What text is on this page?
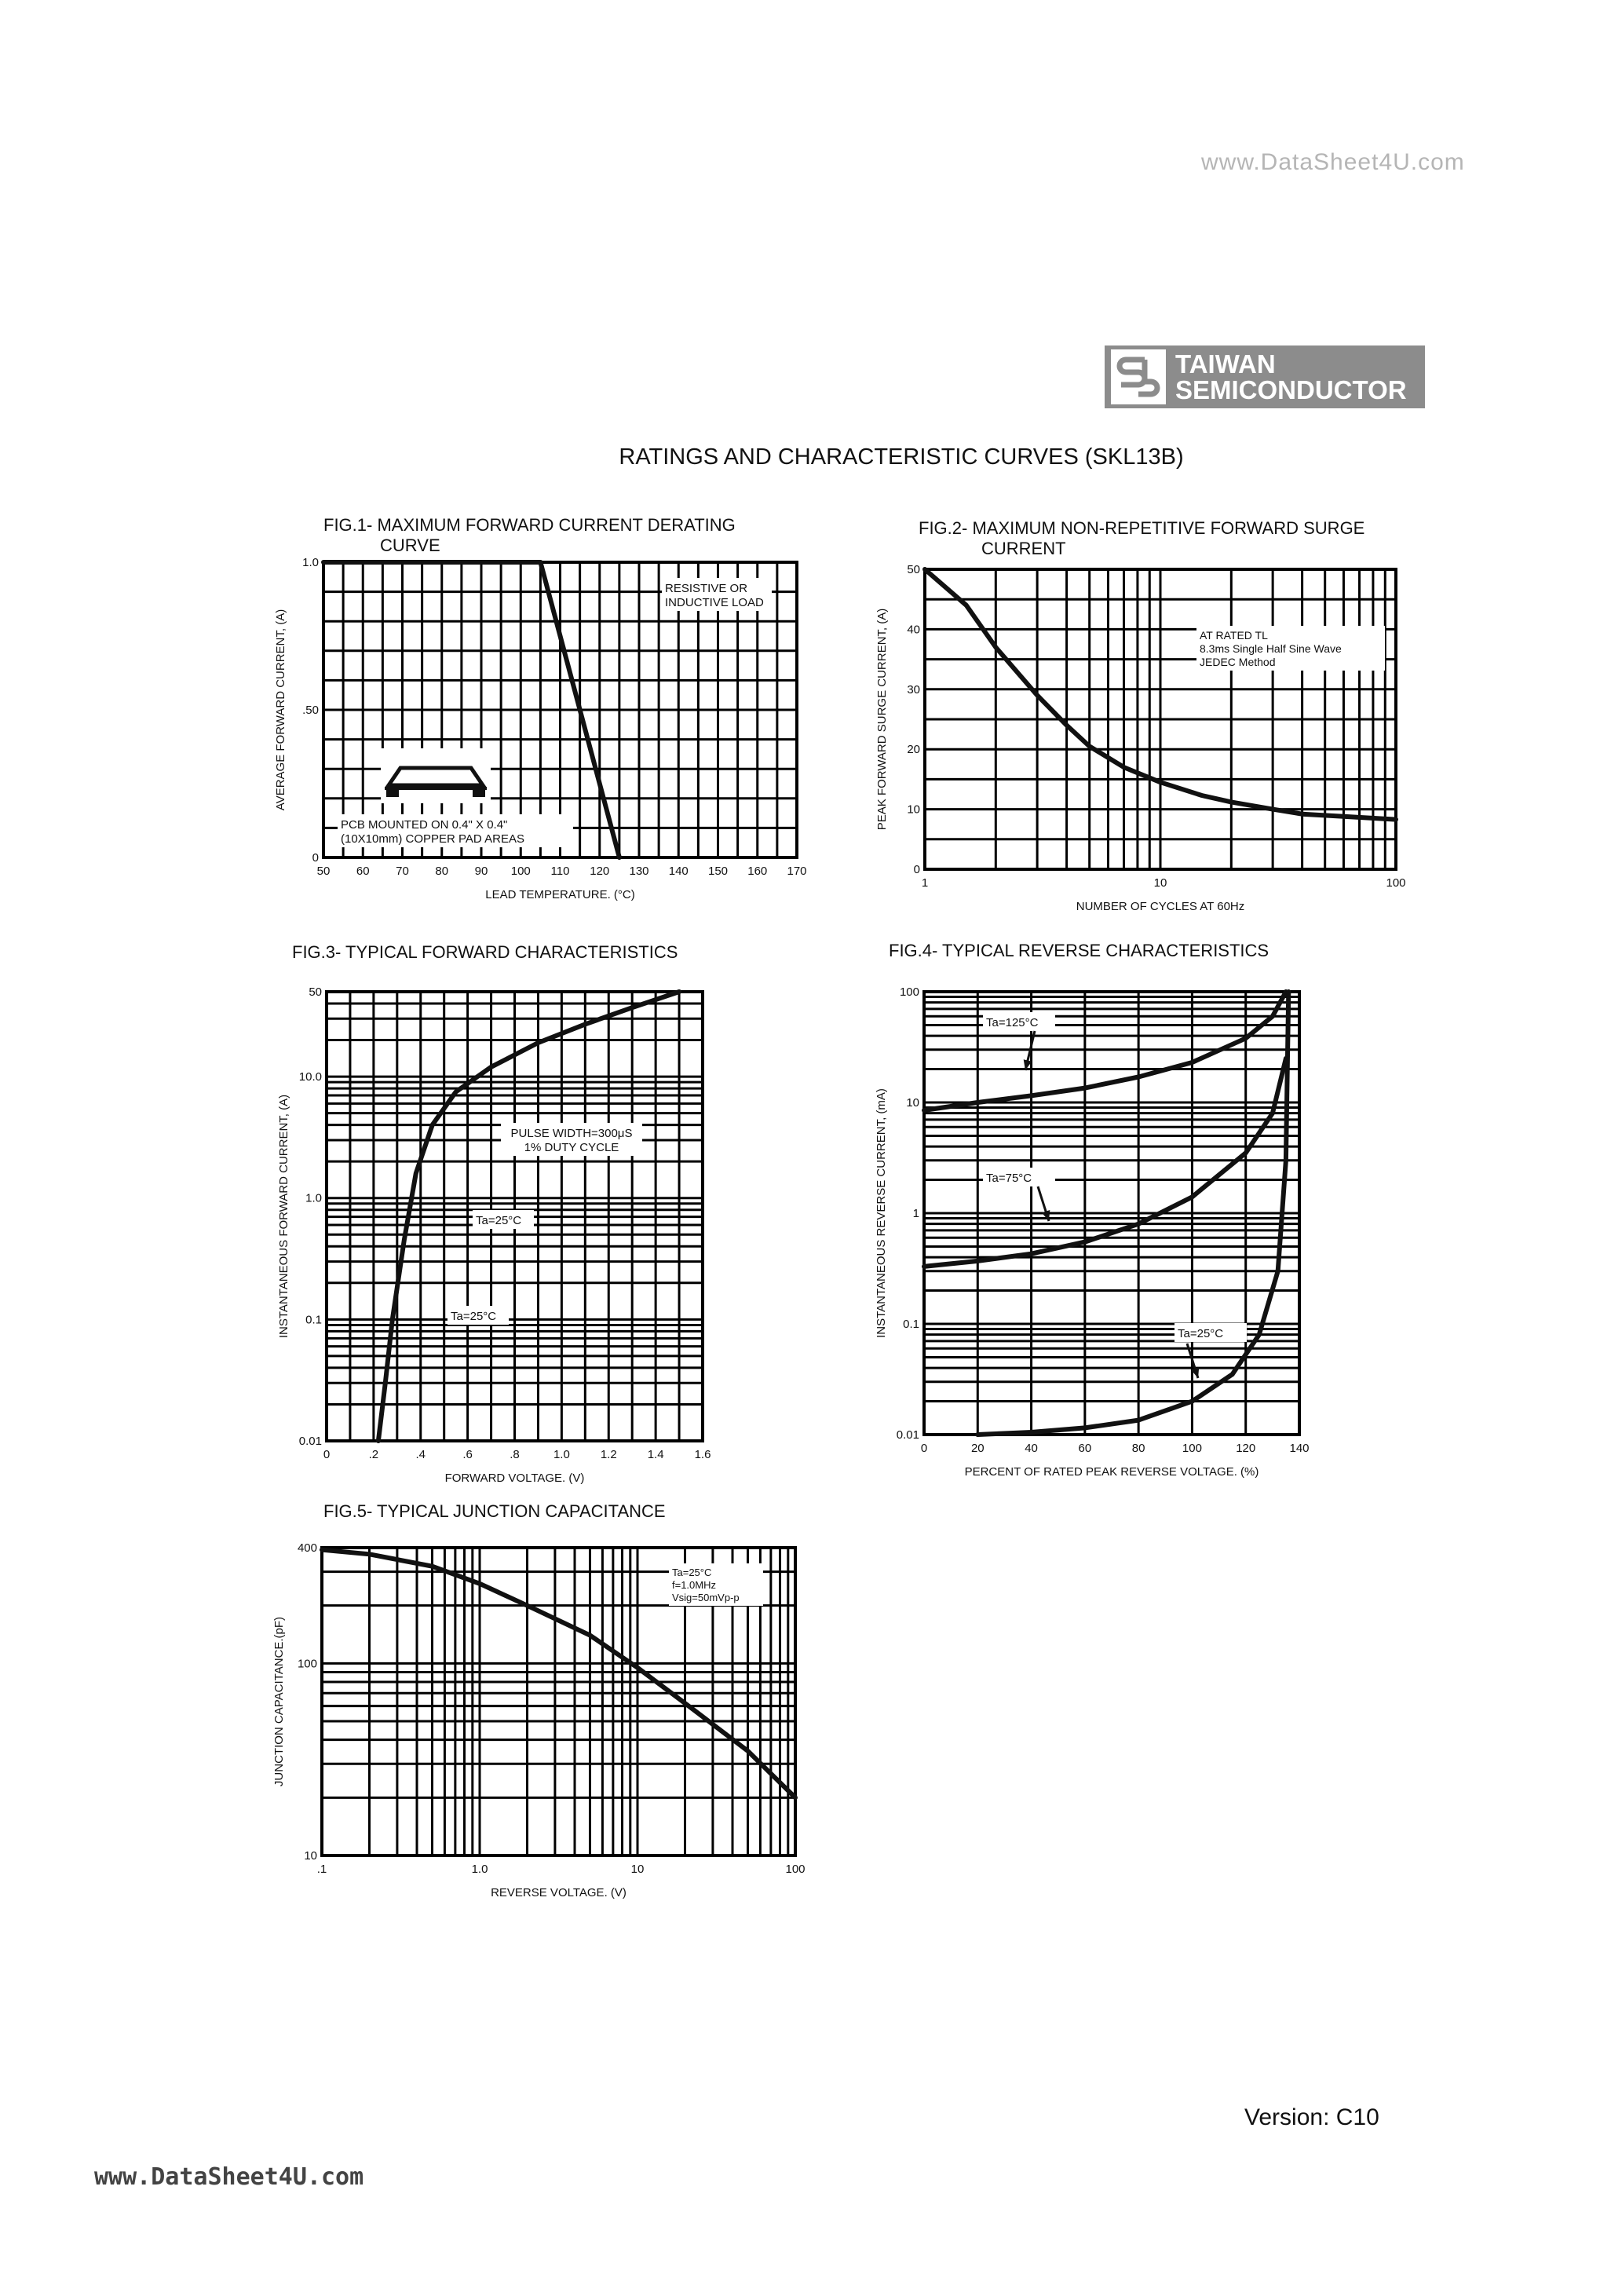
www.DataSheet4U.com
TAIWAN
SEMICONDUCTOR
RATINGS AND CHARACTERISTIC CURVES (SKL13B)
FIG.1- MAXIMUM FORWARD CURRENT DERATING
CURVE
50 60 70 80 90 100 110 120 130 140 150 160 170
0
.50
1.0
LEAD TEMPERATURE. (°C)
AVERAGE FORWARD CURRENT, (A)
RESISTIVE OR
INDUCTIVE LOAD
PCB MOUNTED ON 0.4" X 0.4"
(10X10mm) COPPER PAD AREAS
FIG.2- MAXIMUM NON-REPETITIVE FORWARD SURGE
CURRENT
1	10	100
0
10
20
30
40
50
NUMBER OF CYCLES AT 60Hz
PEAK FORWARD SURGE CURRENT, (A)	AT RATED TL
8.3ms Single Half Sine Wave
JEDEC Method
FIG.3- TYPICAL FORWARD CHARACTERISTICS
0	.2	.4	.6	.8	1.0	1.2	1.4	1.6
0.01
0.1
1.0
10.0
50
FORWARD VOLTAGE. (V)
INSTANTANEOUS FORWARD CURRENT, (A)	PULSE WIDTH=300μS
1% DUTY CYCLE
Ta=25°C
Ta=25°C
FIG.4- TYPICAL REVERSE CHARACTERISTICS
0	20	40	60	80	100	120	140
0.01
0.1
1
10
100
PERCENT OF RATED PEAK REVERSE VOLTAGE. (%)
INSTANTANEOUS REVERSE CURRENT, (mA)
Ta=125°C
Ta=75°C
Ta=25°C
FIG.5- TYPICAL JUNCTION CAPACITANCE
.1	1.0	10	100
10
100
400
REVERSE VOLTAGE. (V)
JUNCTION CAPACITANCE.(pF)
Ta=25°C
f=1.0MHz
Vsig=50mVp-p
Version: C10
www.DataSheet4U.com
